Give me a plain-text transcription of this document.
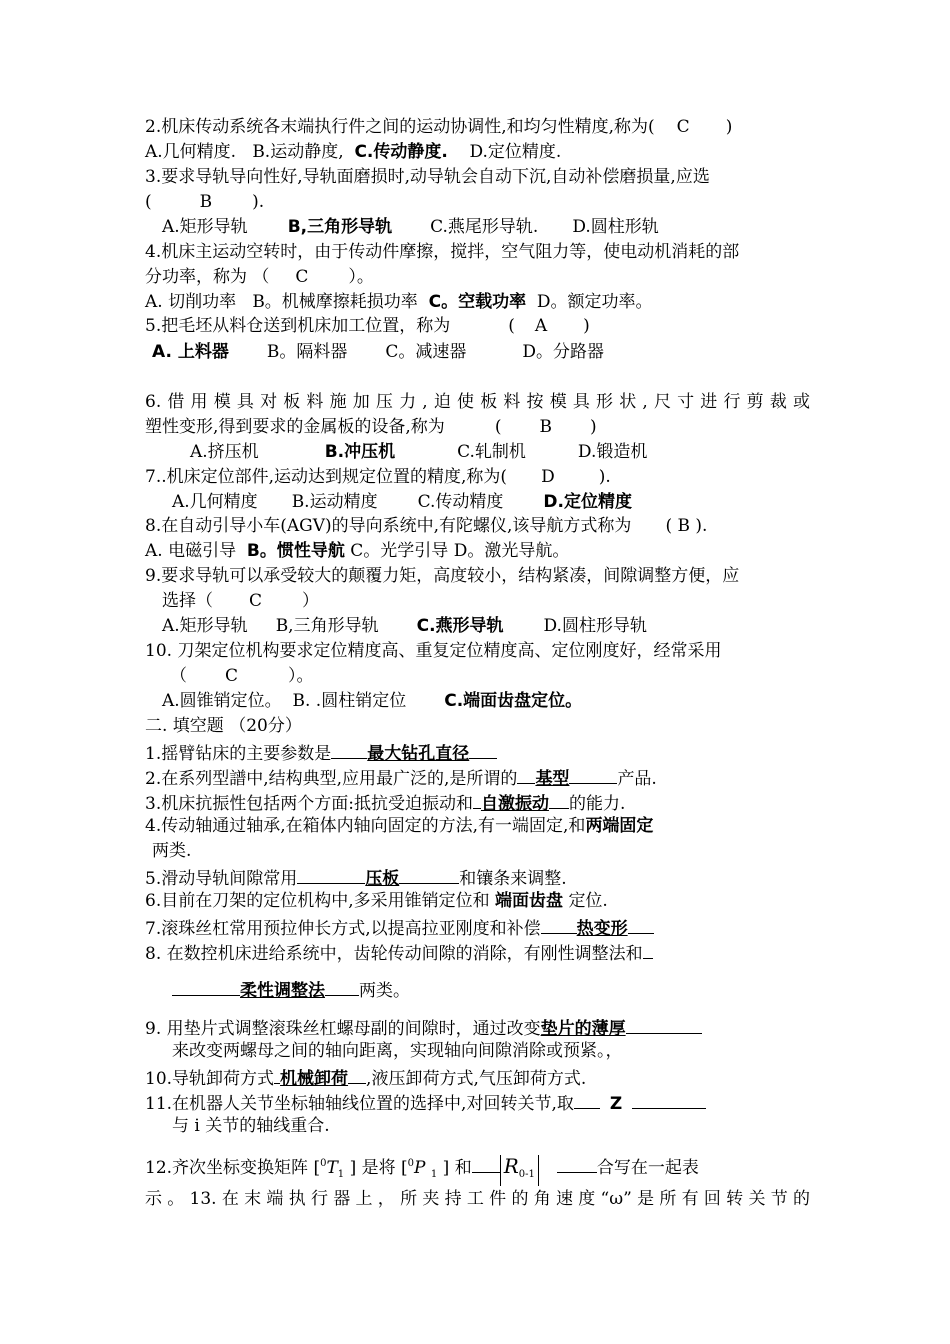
2.机床传动系统各末端执行件之间的运动协调性,和均匀性精度,称为( C )
A.几何精度. B.运动静度, C.传动静度. D.定位精度.
3.要求导轨导向性好,导轨面磨损时,动导轨会自动下沉,自动补偿磨损量,应选
(	B ).
A.矩形导轨 B,三角形导轨 C.燕尾形导轨. D.圆柱形轨
4.机床主运动空转时，由于传动件摩擦，搅拌，空气阻力等，使电动机消耗的部
分功率，称为 （ C ）。
A. 切削功率 B。机械摩擦耗损功率 C。空载功率 D。额定功率。
5.把毛坯从料仓送到机床加工位置，称为	( A )
A. 上料器 B。隔料器 C。减速器	D。分路器
6.借用模具对板料施加压力,迫使板料按模具形状,尺寸进行剪裁或
塑性变形,得到要求的金属板的设备,称为	( B )
A.挤压机	B.冲压机	C.轧制机	D.锻造机
7..机床定位部件,运动达到规定位置的精度,称为( D	).
A.几何精度 B.运动精度 C.传动精度 D.定位精度
8.在自动引导小车(AGV)的导向系统中,有陀螺仪,该导航方式称为 ( B ).
A. 电磁引导 B。惯性导航 C。光学引导 D。激光导航。
9.要求导轨可以承受较大的颠覆力矩，高度较小，结构紧凑，间隙调整方便，应
选择（ C ）
A.矩形导轨 B,三角形导轨 C.燕形导轨 D.圆柱形导轨
10. 刀架定位机构要求定位精度高、重复定位精度高、定位刚度好，经常采用
（ C	）。
A.圆锥销定位。 B. .圆柱销定位 C.端面齿盘定位。
二. 填空题 （20分）
1.摇臂钻床的主要参数是 最大钻孔直径
2.在系列型譜中,结构典型,应用最广泛的,是所谓的 基型	产品.
3.机床抗振性包括两个方面:抵抗受迫振动和 自激振动 的能力.
4.传动轴通过轴承,在箱体内轴向固定的方法,有一端固定,和两端固定
两类.
5.滑动导轨间隙常用	压板	和镶条来调整.
6.目前在刀架的定位机构中,多采用锥销定位和 端面齿盘 定位.
7.滚珠丝杠常用预拉伸长方式,以提高拉亚刚度和补偿 热变形
8. 在数控机床进给系统中，齿轮传动间隙的消除，有刚性调整法和
柔性调整法 两类。
9. 用垫片式调整滚珠丝杠螺母副的间隙时，通过改变垫片的薄厚
来改变两螺母之间的轴向距离，实现轴向间隙消除或预紧。，
10.导轨卸荷方式 机械卸荷 ,液压卸荷方式,气压卸荷方式.
11.在机器人关节坐标轴轴线位置的选择中,对回转关节,取 Z
与 i 关节的轴线重合.
12.齐次坐标变换矩阵 [$^0T_1$ ] 是将 [$^0$P $_1$ ] 和 $R_{0-1}$	合写在一起表
示。13.在末端执行器上，所夹持工件的角速度“ω”是所有回转关节的
